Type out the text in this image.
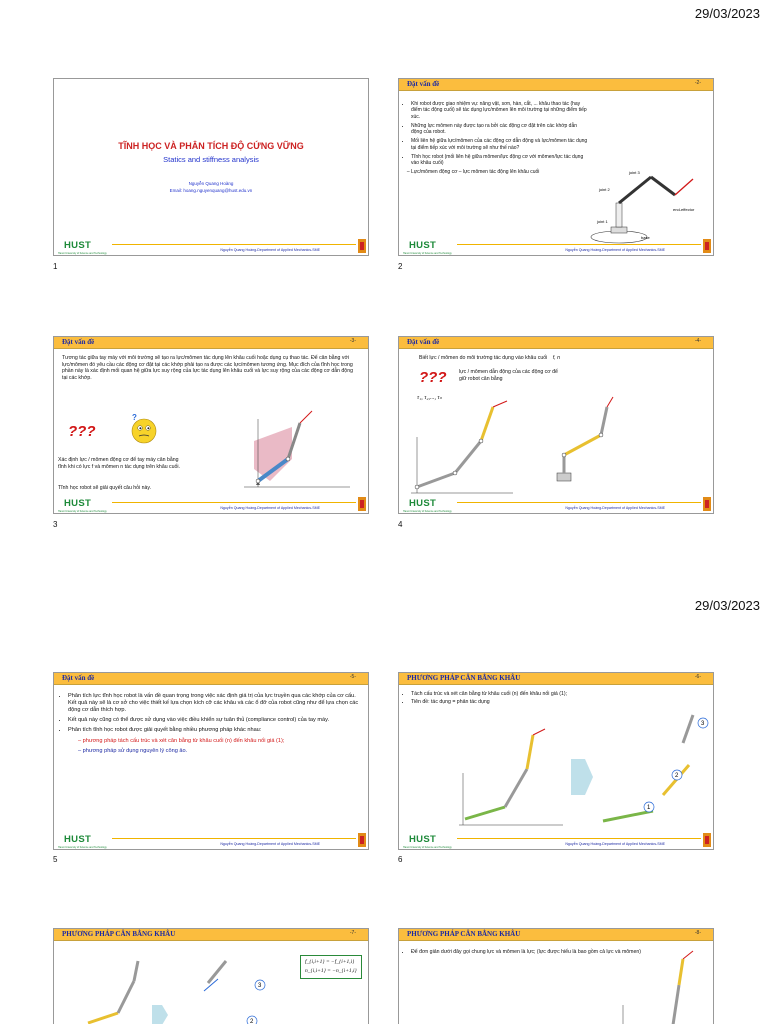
29/03/2023
29/03/2023
TĨNH HỌC VÀ PHÂN TÍCH ĐỘ CỨNG VỮNG
Statics and stiffness analysis
Nguyễn Quang Hoàng
Email: hoang.nguyenquang@hust.edu.vn
HUST
Hanoi University of Science and Technology
Nguyễn Quang Hoàng-Department of Applied Mechanics-SME
1
Đặt vấn đề	-2-
• Khi robot được giao nhiệm vụ: nâng vật, sơn, hàn, cắt, ... khâu thao tác (hay điểm tác động cuối) sẽ tác dụng lực/mômen lên môi trường tại những điểm tiếp xúc.
• Những lực mômen này được tạo ra bởi các động cơ đặt trên các khớp dẫn động của robot.
• Mối liên hệ giữa lực/mômen của các động cơ dẫn động và lực/mômen tác dụng tại điểm tiếp xúc với môi trường sẽ như thế nào?
• Tĩnh học robot (mối liên hệ giữa mômen/lực động cơ với mômen/lực tác dụng vào khâu cuối)
– Lực/mômen động cơ – lực mômen tác động lên khâu cuối	joint 3
joint 2
joint 1
end-effector
base
HUST
Hanoi University of Science and Technology
Nguyễn Quang Hoàng-Department of Applied Mechanics-SME
2
Đặt vấn đề	-3-
Tương tác giữa tay máy với môi trường sẽ tạo ra lực/mômen tác dụng lên khâu cuối hoặc dụng cụ thao tác. Để cân bằng với lực/mômen đó yêu cầu các động cơ đặt tại các khớp phải tạo ra được các lực/mômen tương ứng. Mục đích của tĩnh học trong phần này là xác định mối quan hệ giữa lực suy rộng của lực tác dụng lên khâu cuối và lực suy rộng của các động cơ dẫn động tại các khớp.
???
?
Xác định lực / mômen động cơ để tay máy cân bằng tĩnh khi có lực f và mômen n tác dụng trên khâu cuối.
Tĩnh học robot sẽ giải quyết câu hỏi này.
HUST
Hanoi University of Science and Technology
Nguyễn Quang Hoàng-Department of Applied Mechanics-SME
3
Đặt vấn đề	-4-
Biết lực / mômen do môi trường tác dụng vào khâu cuối f, n
??? lực / mômen dẫn động của các động cơ để giữ robot cân bằng
τ₁, τ₂,..., τₙ
HUST
Hanoi University of Science and Technology
Nguyễn Quang Hoàng-Department of Applied Mechanics-SME
4
Đặt vấn đề	-5-
• Phân tích lực tĩnh học robot là vấn đề quan trọng trong việc xác định giá trị của lực truyền qua các khớp của cơ cấu. Kết quả này sẽ là cơ sở cho việc thiết kế lựa chọn kích cỡ các khâu và các ổ đỡ của robot cũng như để lựa chọn các động cơ dẫn thích hợp.
• Kết quả này cũng có thể được sử dụng vào việc điều khiển sự tuân thủ (compliance control) của tay máy.
• Phân tích tĩnh học robot được giải quyết bằng nhiều phương pháp khác nhau:
– phương pháp tách cấu trúc và xét cân bằng từ khâu cuối (n) đến khâu nối giá (1);
– phương pháp sử dụng nguyên lý công ảo.
HUST
Hanoi University of Science and Technology
Nguyễn Quang Hoàng-Department of Applied Mechanics-SME
5
PHƯƠNG PHÁP CÂN BẰNG KHÂU	-6-
• Tách cấu trúc và xét cân bằng từ khâu cuối (n) đến khâu nối giá (1);
• Tiên đề: tác dụng = phản tác dụng
1
2
3
HUST
Hanoi University of Science and Technology
Nguyễn Quang Hoàng-Department of Applied Mechanics-SME
6
PHƯƠNG PHÁP CÂN BẰNG KHÂU	-7-
f_{i,i+1} = −f_{i+1,i}
n_{i,i+1} = −n_{i+1,i}
3
2
PHƯƠNG PHÁP CÂN BẰNG KHÂU	-8-
• Để đơn giản dưới đây gọi chung lực và mômen là lực; (lực được hiểu là bao gồm cả lực và mômen)
